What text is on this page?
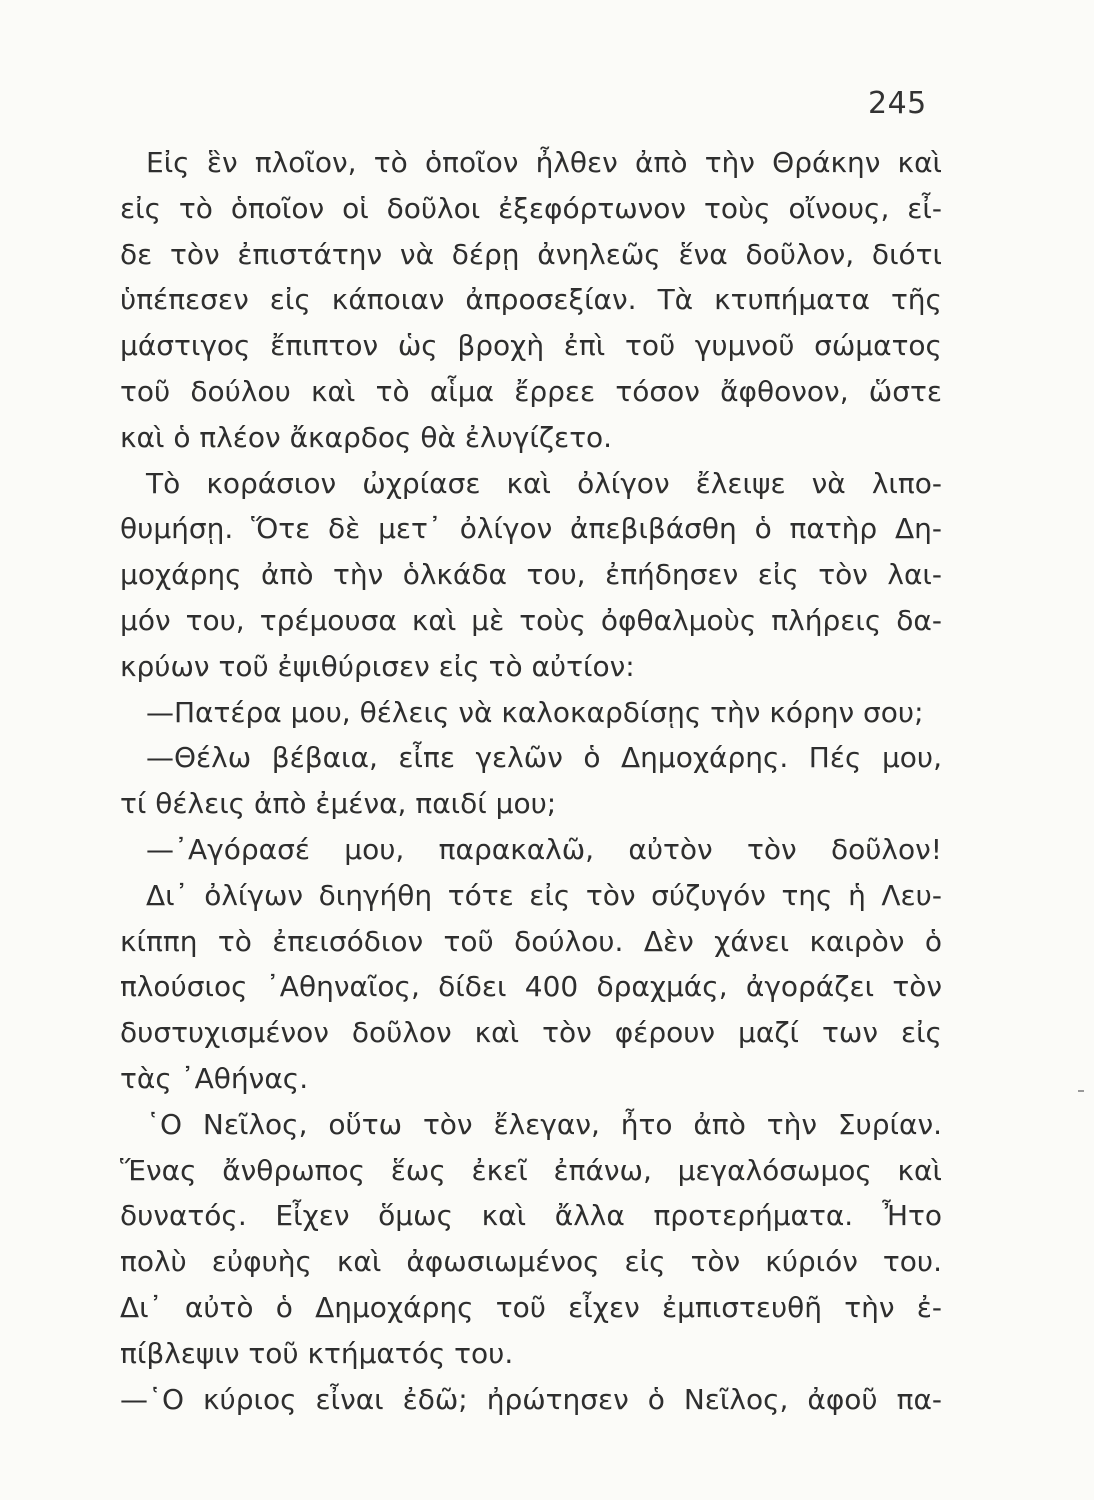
245
Εἰς ἓν πλοῖον, τὸ ὁποῖον ἦλθεν ἀπὸ τὴν Θράκην καὶ
εἰς τὸ ὁποῖον οἱ δοῦλοι ἐξεφόρτωνον τοὺς οἴνους, εἶ-
δε τὸν ἐπιστάτην νὰ δέρῃ ἀνηλεῶς ἕνα δοῦλον, διότι
ὑπέπεσεν εἰς κάποιαν ἀπροσεξίαν. Τὰ κτυπήματα τῆς
μάστιγος ἔπιπτον ὡς βροχὴ ἐπὶ τοῦ γυμνοῦ σώματος
τοῦ δούλου καὶ τὸ αἷμα ἔρρεε τόσον ἄφθονον, ὥστε
καὶ ὁ πλέον ἄκαρδος θὰ ἐλυγίζετο.
Τὸ κοράσιον ὠχρίασε καὶ ὀλίγον ἔλειψε νὰ λιπο-
θυμήσῃ. Ὅτε δὲ μετ᾽ ὀλίγον ἀπεβιβάσθη ὁ πατὴρ Δη-
μοχάρης ἀπὸ τὴν ὁλκάδα του, ἐπήδησεν εἰς τὸν λαι-
μόν του, τρέμουσα καὶ μὲ τοὺς ὀφθαλμοὺς πλήρεις δα-
κρύων τοῦ ἐψιθύρισεν εἰς τὸ αὐτίον:
—Πατέρα μου, θέλεις νὰ καλοκαρδίσῃς τὴν κόρην σου;
—Θέλω βέβαια, εἶπε γελῶν ὁ Δημοχάρης. Πές μου,
τί θέλεις ἀπὸ ἐμένα, παιδί μου;
—᾽Αγόρασέ μου, παρακαλῶ, αὐτὸν τὸν δοῦλον!
Δι᾽ ὀλίγων διηγήθη τότε εἰς τὸν σύζυγόν της ἡ Λευ-
κίππη τὸ ἐπεισόδιον τοῦ δούλου. Δὲν χάνει καιρὸν ὁ
πλούσιος ᾽Αθηναῖος, δίδει 400 δραχμάς, ἀγοράζει τὸν
δυστυχισμένον δοῦλον καὶ τὸν φέρουν μαζί των εἰς
τὰς ᾽Αθήνας.
῾Ο Νεῖλος, οὕτω τὸν ἔλεγαν, ἦτο ἀπὸ τὴν Συρίαν.
Ἕνας ἄνθρωπος ἕως ἐκεῖ ἐπάνω, μεγαλόσωμος καὶ
δυνατός. Εἶχεν ὅμως καὶ ἄλλα προτερήματα. Ἦτο
πολὺ εὐφυὴς καὶ ἀφωσιωμένος εἰς τὸν κύριόν του.
Δι᾽ αὐτὸ ὁ Δημοχάρης τοῦ εἶχεν ἐμπιστευθῆ τὴν ἐ-
πίβλεψιν τοῦ κτήματός του.
—῾Ο κύριος εἶναι ἐδῶ; ἠρώτησεν ὁ Νεῖλος, ἀφοῦ πα-
